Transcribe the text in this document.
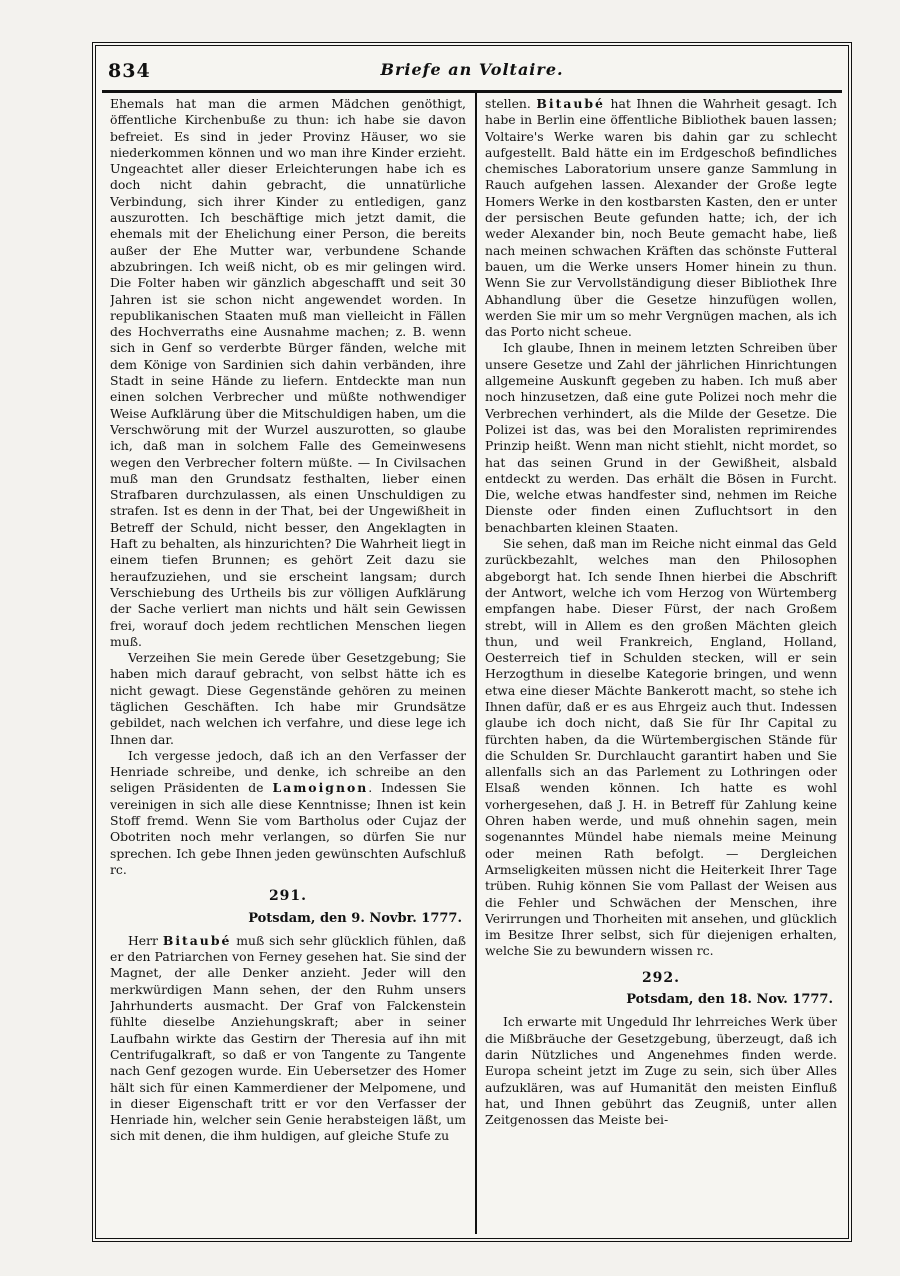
834	Briefe an Voltaire.

Ehemals hat man die armen Mädchen genöthigt, öffentliche Kirchenbuße zu thun: ich habe sie davon befreiet. Es sind in jeder Provinz Häuser, wo sie niederkommen können und wo man ihre Kinder erzieht. Ungeachtet aller dieser Erleichterungen habe ich es doch nicht dahin gebracht, die unnatürliche Verbindung, sich ihrer Kinder zu entledigen, ganz auszurotten. Ich beschäftige mich jetzt damit, die ehemals mit der Ehelichung einer Person, die bereits außer der Ehe Mutter war, verbundene Schande abzubringen. Ich weiß nicht, ob es mir gelingen wird. Die Folter haben wir gänzlich abgeschafft und seit 30 Jahren ist sie schon nicht angewendet worden. In republikanischen Staaten muß man vielleicht in Fällen des Hochverraths eine Ausnahme machen; z. B. wenn sich in Genf so verderbte Bürger fänden, welche mit dem Könige von Sardinien sich dahin verbänden, ihre Stadt in seine Hände zu liefern. Entdeckte man nun einen solchen Verbrecher und müßte nothwendiger Weise Aufklärung über die Mitschuldigen haben, um die Verschwörung mit der Wurzel auszurotten, so glaube ich, daß man in solchem Falle des Gemeinwesens wegen den Verbrecher foltern müßte. — In Civilsachen muß man den Grundsatz festhalten, lieber einen Strafbaren durchzulassen, als einen Unschuldigen zu strafen. Ist es denn in der That, bei der Ungewißheit in Betreff der Schuld, nicht besser, den Angeklagten in Haft zu behalten, als hinzurichten? Die Wahrheit liegt in einem tiefen Brunnen; es gehört Zeit dazu sie heraufzuziehen, und sie erscheint langsam; durch Verschiebung des Urtheils bis zur völligen Aufklärung der Sache verliert man nichts und hält sein Gewissen frei, worauf doch jedem rechtlichen Menschen liegen muß.

Verzeihen Sie mein Gerede über Gesetzgebung; Sie haben mich darauf gebracht, von selbst hätte ich es nicht gewagt. Diese Gegenstände gehören zu meinen täglichen Geschäften. Ich habe mir Grundsätze gebildet, nach welchen ich verfahre, und diese lege ich Ihnen dar.

Ich vergesse jedoch, daß ich an den Verfasser der Henriade schreibe, und denke, ich schreibe an den seligen Präsidenten de Lamoignon. Indessen Sie vereinigen in sich alle diese Kenntnisse; Ihnen ist kein Stoff fremd. Wenn Sie vom Bartholus oder Cujaz der Obotriten noch mehr verlangen, so dürfen Sie nur sprechen. Ich gebe Ihnen jeden gewünschten Aufschluß rc.

291.
Potsdam, den 9. Novbr. 1777.

Herr Bitaubé muß sich sehr glücklich fühlen, daß er den Patriarchen von Ferney gesehen hat. Sie sind der Magnet, der alle Denker anzieht. Jeder will den merkwürdigen Mann sehen, der den Ruhm unsers Jahrhunderts ausmacht. Der Graf von Falckenstein fühlte dieselbe Anziehungskraft; aber in seiner Laufbahn wirkte das Gestirn der Theresia auf ihn mit Centrifugalkraft, so daß er von Tangente zu Tangente nach Genf gezogen wurde. Ein Uebersetzer des Homer hält sich für einen Kammerdiener der Melpomene, und in dieser Eigenschaft tritt er vor den Verfasser der Henriade hin, welcher sein Genie herabsteigen läßt, um sich mit denen, die ihm huldigen, auf gleiche Stufe zu

stellen. Bitaubé hat Ihnen die Wahrheit gesagt. Ich habe in Berlin eine öffentliche Bibliothek bauen lassen; Voltaire's Werke waren bis dahin gar zu schlecht aufgestellt. Bald hätte ein im Erdgeschoß befindliches chemisches Laboratorium unsere ganze Sammlung in Rauch aufgehen lassen. Alexander der Große legte Homers Werke in den kostbarsten Kasten, den er unter der persischen Beute gefunden hatte; ich, der ich weder Alexander bin, noch Beute gemacht habe, ließ nach meinen schwachen Kräften das schönste Futteral bauen, um die Werke unsers Homer hinein zu thun. Wenn Sie zur Vervollständigung dieser Bibliothek Ihre Abhandlung über die Gesetze hinzufügen wollen, werden Sie mir um so mehr Vergnügen machen, als ich das Porto nicht scheue.

Ich glaube, Ihnen in meinem letzten Schreiben über unsere Gesetze und Zahl der jährlichen Hinrichtungen allgemeine Auskunft gegeben zu haben. Ich muß aber noch hinzusetzen, daß eine gute Polizei noch mehr die Verbrechen verhindert, als die Milde der Gesetze. Die Polizei ist das, was bei den Moralisten reprimirendes Prinzip heißt. Wenn man nicht stiehlt, nicht mordet, so hat das seinen Grund in der Gewißheit, alsbald entdeckt zu werden. Das erhält die Bösen in Furcht. Die, welche etwas handfester sind, nehmen im Reiche Dienste oder finden einen Zufluchtsort in den benachbarten kleinen Staaten.

Sie sehen, daß man im Reiche nicht einmal das Geld zurückbezahlt, welches man den Philosophen abgeborgt hat. Ich sende Ihnen hierbei die Abschrift der Antwort, welche ich vom Herzog von Würtemberg empfangen habe. Dieser Fürst, der nach Großem strebt, will in Allem es den großen Mächten gleich thun, und weil Frankreich, England, Holland, Oesterreich tief in Schulden stecken, will er sein Herzogthum in dieselbe Kategorie bringen, und wenn etwa eine dieser Mächte Bankerott macht, so stehe ich Ihnen dafür, daß er es aus Ehrgeiz auch thut. Indessen glaube ich doch nicht, daß Sie für Ihr Capital zu fürchten haben, da die Würtembergischen Stände für die Schulden Sr. Durchlaucht garantirt haben und Sie allenfalls sich an das Parlement zu Lothringen oder Elsaß wenden können. Ich hatte es wohl vorhergesehen, daß J. H. in Betreff für Zahlung keine Ohren haben werde, und muß ohnehin sagen, mein sogenanntes Mündel habe niemals meine Meinung oder meinen Rath befolgt. — Dergleichen Armseligkeiten müssen nicht die Heiterkeit Ihrer Tage trüben. Ruhig können Sie vom Pallast der Weisen aus die Fehler und Schwächen der Menschen, ihre Verirrungen und Thorheiten mit ansehen, und glücklich im Besitze Ihrer selbst, sich für diejenigen erhalten, welche Sie zu bewundern wissen rc.

292.
Potsdam, den 18. Nov. 1777.

Ich erwarte mit Ungeduld Ihr lehrreiches Werk über die Mißbräuche der Gesetzgebung, überzeugt, daß ich darin Nützliches und Angenehmes finden werde. Europa scheint jetzt im Zuge zu sein, sich über Alles aufzuklären, was auf Humanität den meisten Einfluß hat, und Ihnen gebührt das Zeugniß, unter allen Zeitgenossen das Meiste bei-
